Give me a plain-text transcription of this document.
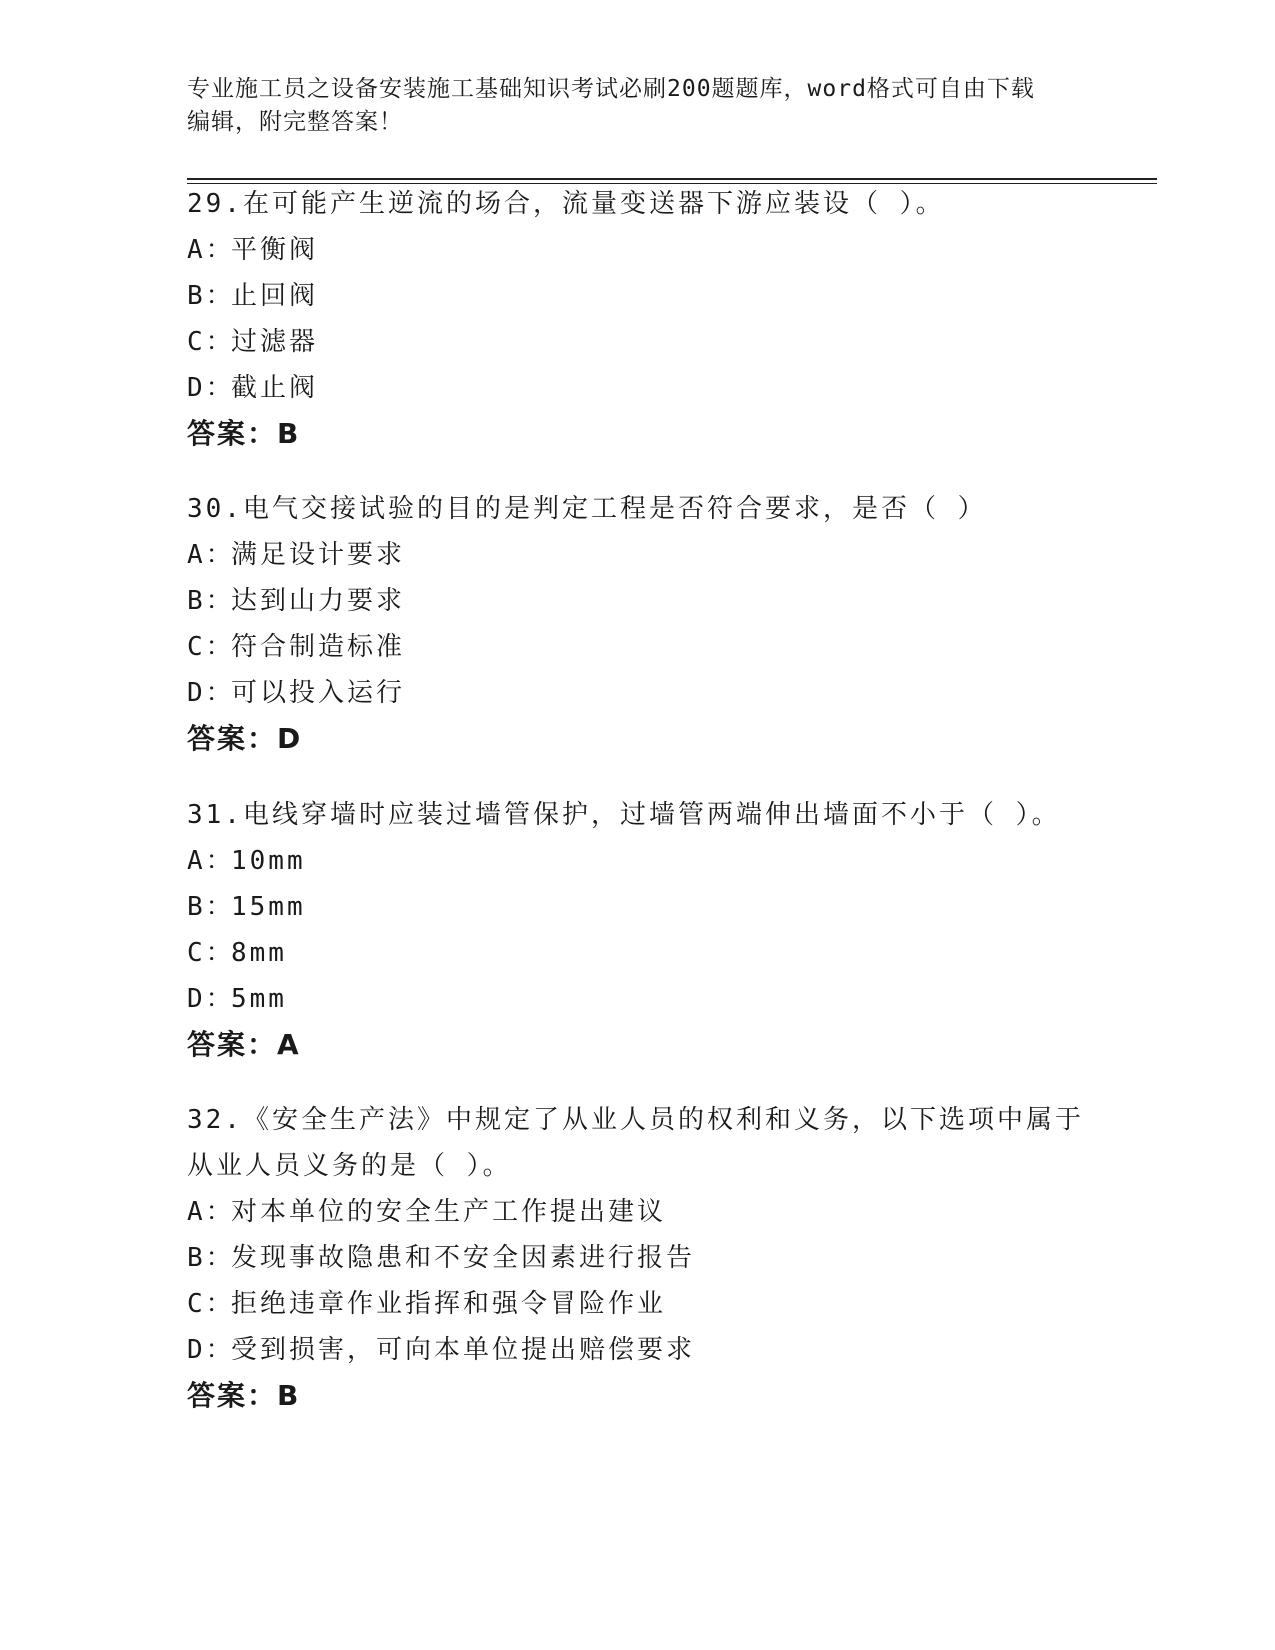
专业施工员之设备安装施工基础知识考试必刷200题题库，word格式可自由下载
编辑，附完整答案！

29.在可能产生逆流的场合，流量变送器下游应装设（ ）。

A：平衡阀

B：止回阀

C：过滤器

D：截止阀

答案：B

30.电气交接试验的目的是判定工程是否符合要求，是否（ ）

A：满足设计要求

B：达到山力要求

C：符合制造标准

D：可以投入运行

答案：D

31.电线穿墙时应装过墙管保护，过墙管两端伸出墙面不小于（ ）。

A：10mm

B：15mm

C：8mm

D：5mm

答案：A

32.《安全生产法》中规定了从业人员的权利和义务，以下选项中属于
从业人员义务的是（ ）。

A：对本单位的安全生产工作提出建议

B：发现事故隐患和不安全因素进行报告

C：拒绝违章作业指挥和强令冒险作业

D：受到损害，可向本单位提出赔偿要求

答案：B
